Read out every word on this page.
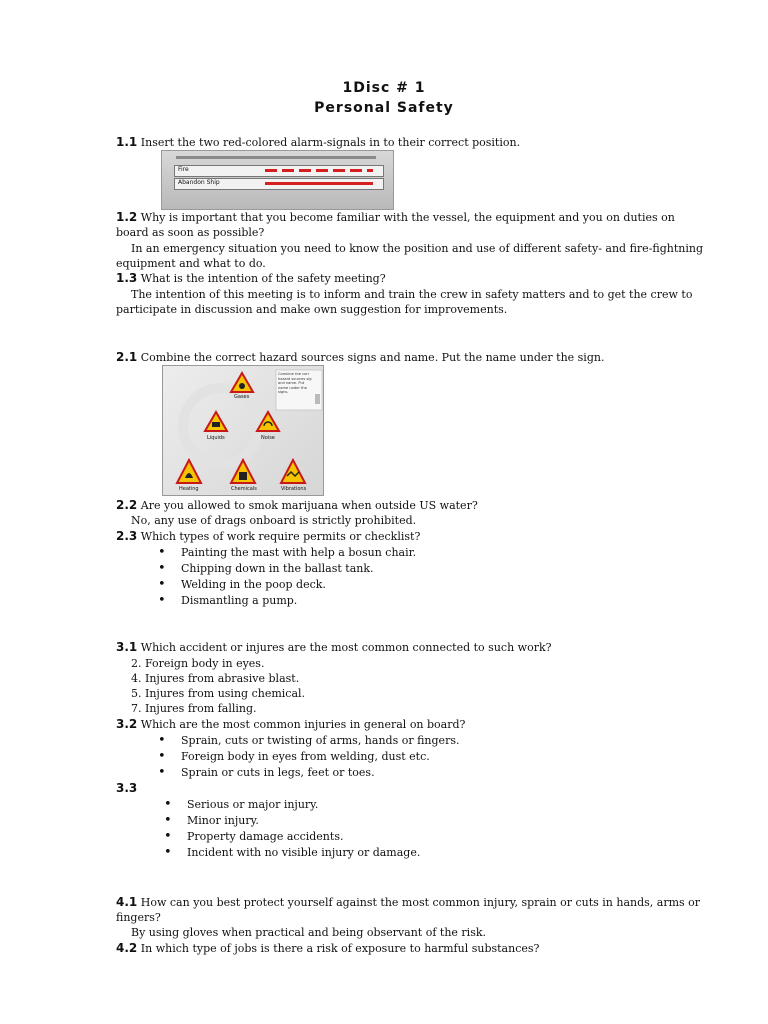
1Disc # 1
Personal Safety
1.1 Insert the two red-colored alarm-signals in to their correct position.
Fire
Abandon Ship
1.2 Why is important that you become familiar with the vessel, the equipment and you on duties on
board as soon as possible?
In an emergency situation you need to know the position and use of different safety- and fire-fightning
equipment and what to do.
1.3 What is the intention of the safety meeting?
The intention of this meeting is to inform and train the crew in safety matters and to get the crew to
participate in discussion and make own suggestion for improvements.
2.1 Combine the correct hazard sources signs and name. Put the name under the sign.
Gases
Liquids	Noise
Heating	Chemicals	Vibrations
Combine the corr
hazard sources sig
and name. Put
name under the
signs.
2.2 Are you allowed to smok marijuana when outside US water?
No, any use of drags onboard is strictly prohibited.
2.3 Which types of work require permits or checklist?
• Painting the mast with help a bosun chair.
• Chipping down in the ballast tank.
• Welding in the poop deck.
• Dismantling a pump.
3.1 Which accident or injures are the most common connected to such work?
2. Foreign body in eyes.
4. Injures from abrasive blast.
5. Injures from using chemical.
7. Injures from falling.
3.2 Which are the most common injuries in general on board?
• Sprain, cuts or twisting of arms, hands or fingers.
• Foreign body in eyes from welding, dust etc.
• Sprain or cuts in legs, feet or toes.
3.3
• Serious or major injury.
• Minor injury.
• Property damage accidents.
• Incident with no visible injury or damage.
4.1 How can you best protect yourself against the most common injury, sprain or cuts in hands, arms or
fingers?
By using gloves when practical and being observant of the risk.
4.2 In which type of jobs is there a risk of exposure to harmful substances?
